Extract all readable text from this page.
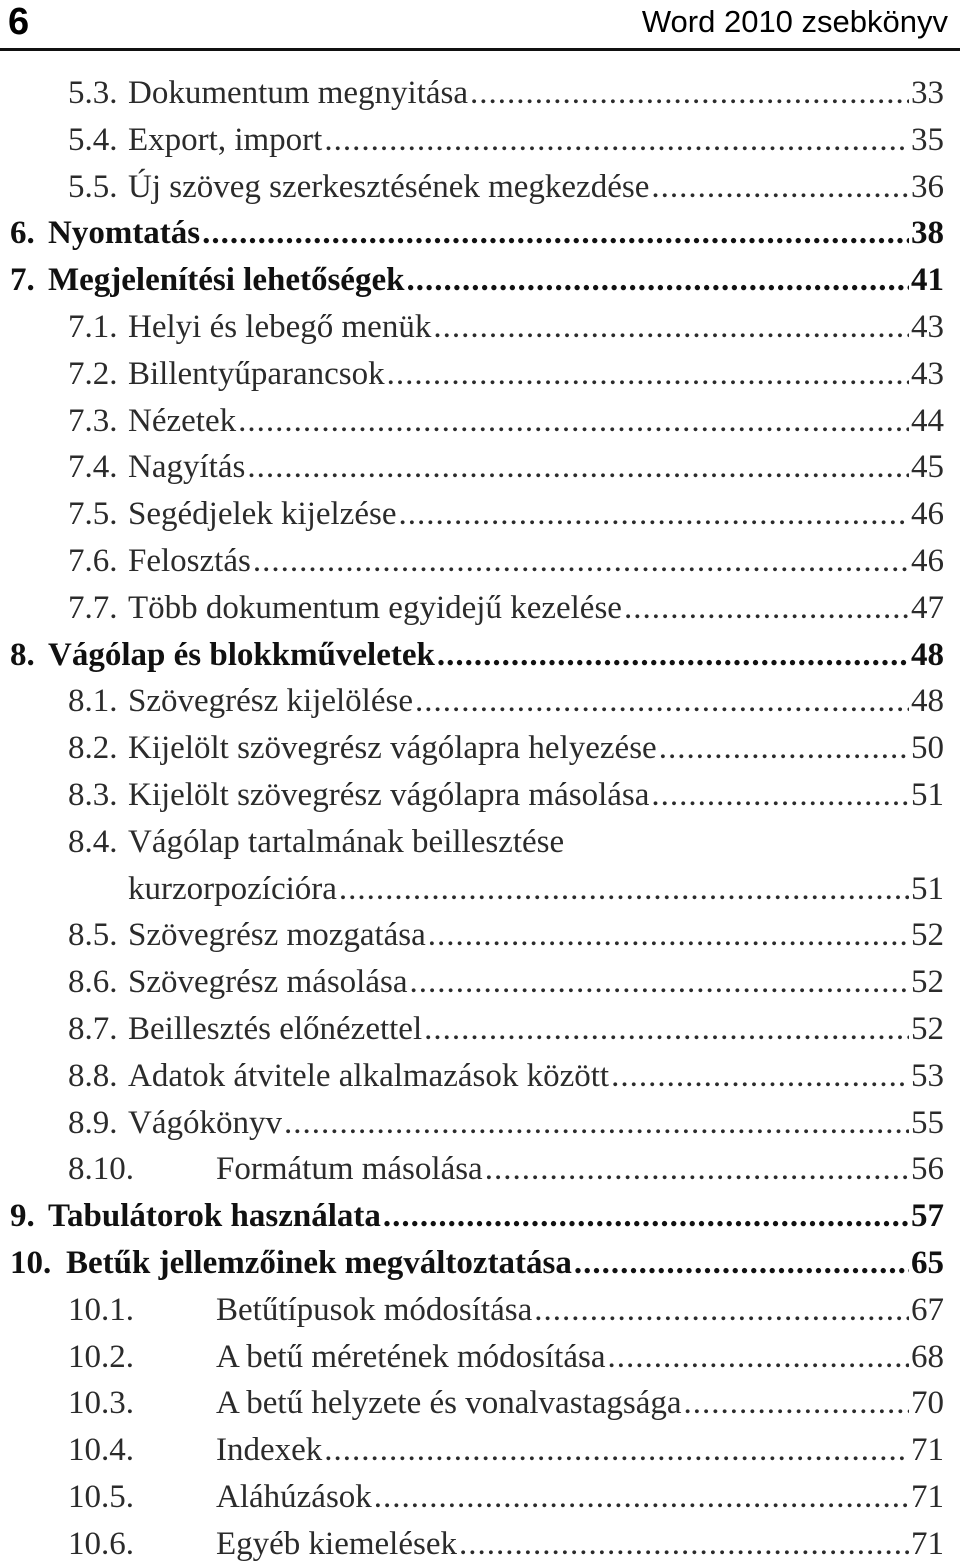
6	Word 2010 zsebkönyv
5.3. Dokumentum megnyitása .....	33
5.4. Export, import .....	35
5.5. Új szöveg szerkesztésének megkezdése .....	36
6. Nyomtatás .....	38
7. Megjelenítési lehetőségek .....	41
7.1. Helyi és lebegő menük .....	43
7.2. Billentyűparancsok .....	43
7.3. Nézetek .....	44
7.4. Nagyítás .....	45
7.5. Segédjelek kijelzése .....	46
7.6. Felosztás .....	46
7.7. Több dokumentum egyidejű kezelése .....	47
8. Vágólap és blokkműveletek .....	48
8.1. Szövegrész kijelölése .....	48
8.2. Kijelölt szövegrész vágólapra helyezése .....	50
8.3. Kijelölt szövegrész vágólapra másolása .....	51
8.4. Vágólap tartalmának beillesztése
kurzorpozícióra .....	51
8.5. Szövegrész mozgatása .....	52
8.6. Szövegrész másolása .....	52
8.7. Beillesztés előnézettel .....	52
8.8. Adatok átvitele alkalmazások között .....	53
8.9. Vágókönyv .....	55
8.10. Formátum másolása .....	56
9. Tabulátorok használata .....	57
10. Betűk jellemzőinek megváltoztatása .....	65
10.1. Betűtípusok módosítása .....	67
10.2. A betű méretének módosítása .....	68
10.3. A betű helyzete és vonalvastagsága .....	70
10.4. Indexek .....	71
10.5. Aláhúzások .....	71
10.6. Egyéb kiemelések .....	71
